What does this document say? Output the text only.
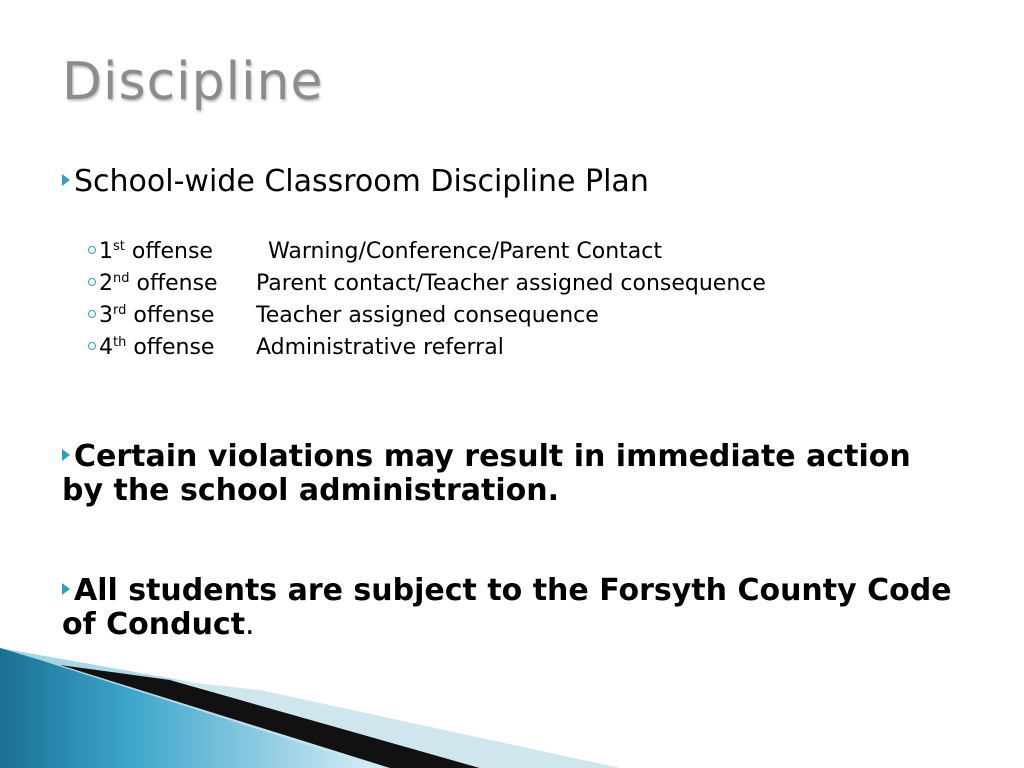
Discipline
School-wide Classroom Discipline Plan
1st offense	Warning/Conference/Parent Contact
2nd offense	Parent contact/Teacher assigned consequence
3rd offense	Teacher assigned consequence
4th offense	Administrative referral
Certain violations may result in immediate action by the school administration.
All students are subject to the Forsyth County Code of Conduct.
